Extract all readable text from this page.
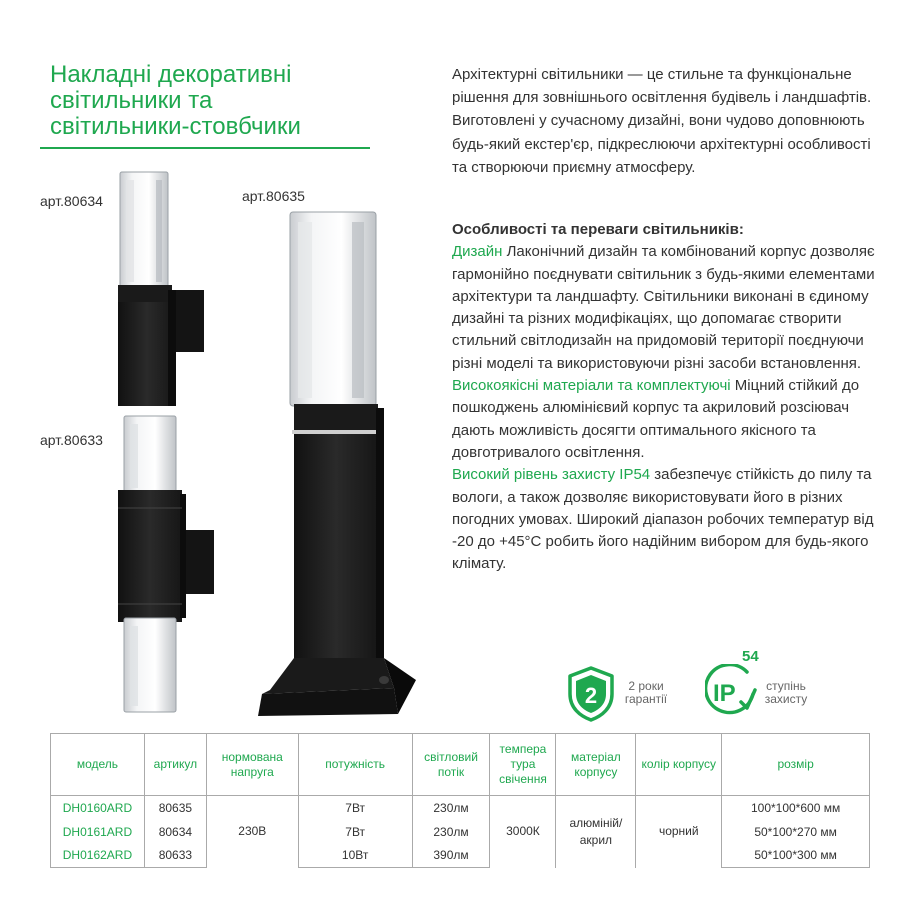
Накладні декоративні
світильники та
світильники-стовбчики
арт.80634	арт.80635
арт.80633
Архітектурні світильники — це стильне та функціональне рішення для зовнішнього освітлення будівель і ландшафтів. Виготовлені у сучасному дизайні, вони чудово доповнюють будь-який екстер'єр, підкреслюючи архітектурні особливості та створюючи приємну атмосферу.
Особливості та переваги світильників:
Дизайн Лаконічний дизайн та комбінований корпус дозволяє гармонійно поєднувати світильник з будь-якими елементами архітектури та ландшафту. Світильники виконані в єдиному дизайні та різних модифікаціях, що допомагає створити стильний світлодизайн на придомовій території поєднуючи різні моделі та використовуючи різні засоби встановлення.
Високоякісні матеріали та комплектуючі Міцний стійкий до пошкоджень алюмінієвий корпус та акриловий розсіювач дають можливість досягти оптимального якісного та довготривалого освітлення.
Високий рівень захисту IP54 забезпечує стійкість до пилу та вологи, а також дозволяє використовувати його в різних погодних умовах. Широкий діапазон робочих температур від -20 до +45°С робить його надійним вибором для будь-якого клімату.
2	2 роки
гарантії
54
IP	ступінь
захисту
модель	артикул	нормована напруга	потужність	світловий потік	темпера тура свічення	матеріал корпусу	колір корпусу	розмір
DH0160ARD	80635	230В	7Вт	230лм	3000К	алюміній/ акрил	чорний	100*100*600 мм
DH0161ARD	80634		7Вт	230лм				50*100*270 мм
DH0162ARD	80633		10Вт	390лм				50*100*300 мм
